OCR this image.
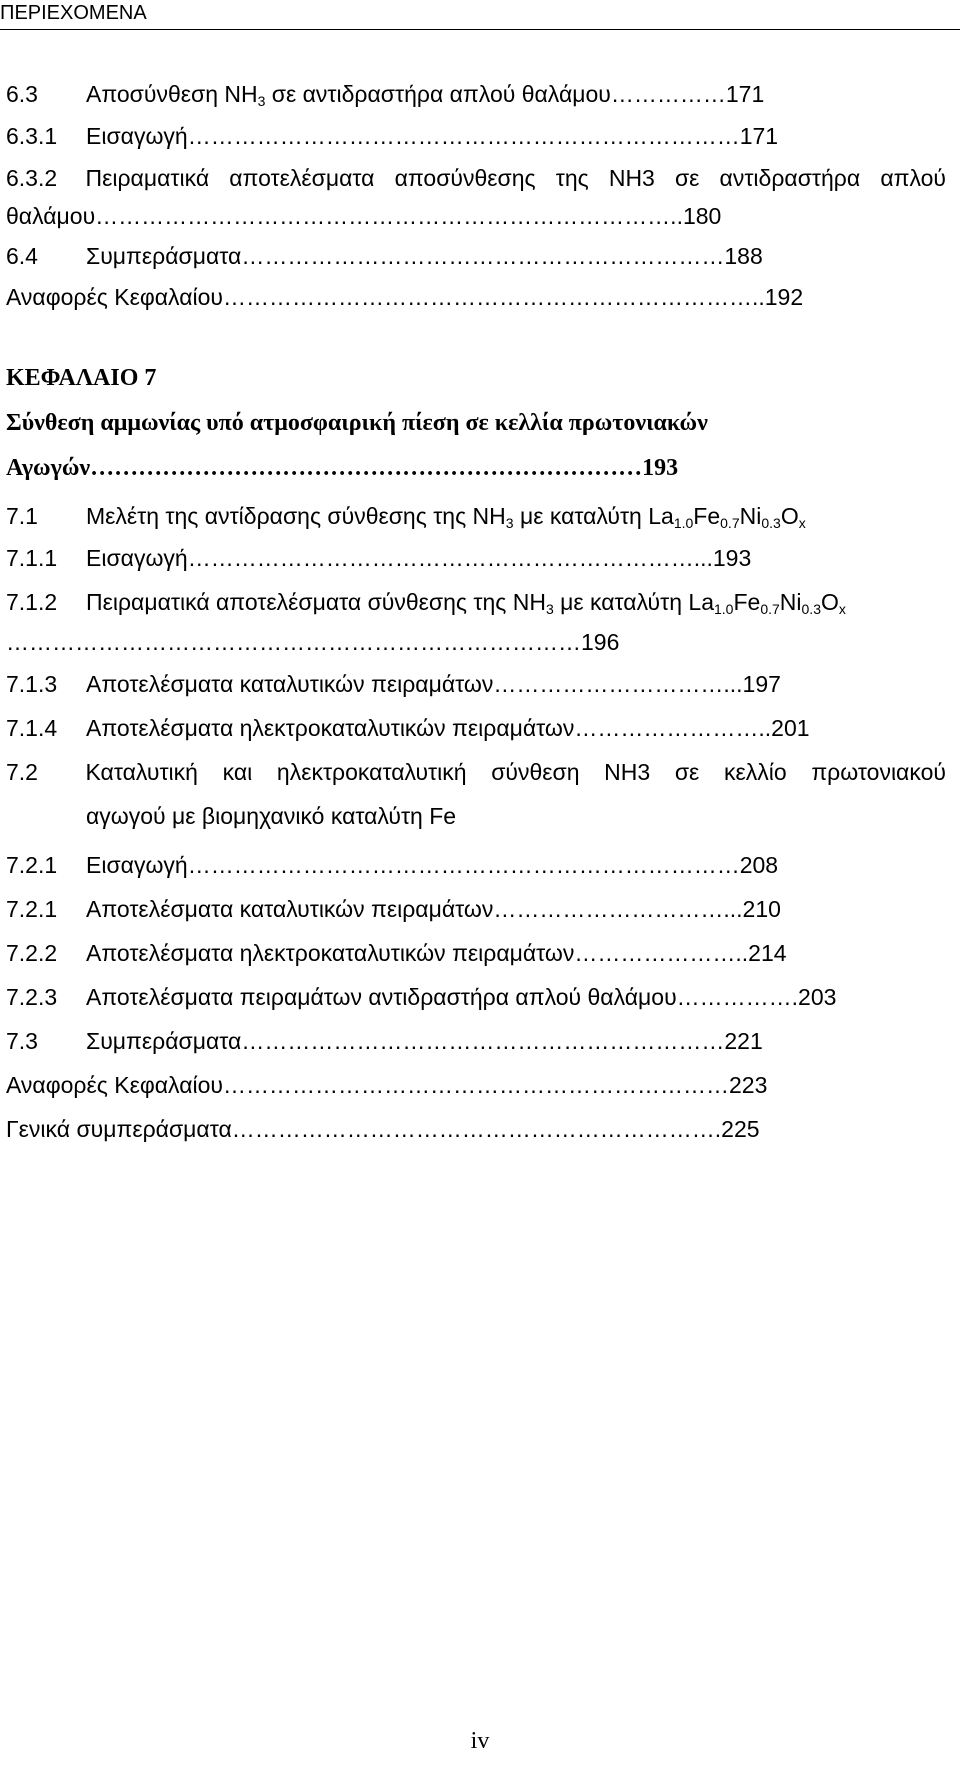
ΠΕΡΙΕΧΟΜΕΝΑ
6.3 Αποσύνθεση $NH_3$ σε αντιδραστήρα απλού θαλάμου……………171
6.3.1 Εισαγωγή………………………………………………………………171
6.3.2	Πειραματικά αποτελέσματα αποσύνθεσης της ΝΗ3 σε αντιδραστήρα απλού
θαλάμου…………………………………………………………………..180
6.4 Συμπεράσματα………………………………………………………188
Αναφορές Κεφαλαίου……………………………………………………………..192
ΚΕΦΑΛΑΙΟ 7
Σύνθεση αμμωνίας υπό ατμοσφαιρική πίεση σε κελλία πρωτονιακών
Αγωγών……………………………………………………………193
7.1 Μελέτη της αντίδρασης σύνθεσης της $NH_3$ με καταλύτη $La_{1.0}Fe_{0.7}Ni_{0.3}O_x$
7.1.1 Εισαγωγή…………………………………………………………...193
7.1.2 Πειραματικά αποτελέσματα σύνθεσης της $NH_3$ με καταλύτη $La_{1.0}Fe_{0.7}Ni_{0.3}O_x$
…………………………………………………………………196
7.1.3 Αποτελέσματα καταλυτικών πειραμάτων…………………………...197
7.1.4 Αποτελέσματα ηλεκτροκαταλυτικών πειραμάτων……………………..201
7.2	Καταλυτική και ηλεκτροκαταλυτική σύνθεση ΝΗ3 σε κελλίο πρωτονιακού
αγωγού με βιομηχανικό καταλύτη Fe
7.2.1 Εισαγωγή………………………………………………………………208
7.2.1 Αποτελέσματα καταλυτικών πειραμάτων…………………………...210
7.2.2 Αποτελέσματα ηλεκτροκαταλυτικών πειραμάτων…………………..214
7.2.3 Αποτελέσματα πειραμάτων αντιδραστήρα απλού θαλάμου…………….203
7.3 Συμπεράσματα………………………………………………………221
Αναφορές Κεφαλαίου…………………………………………………………223
Γενικά συμπεράσματα……………………………………………………….225
iv
